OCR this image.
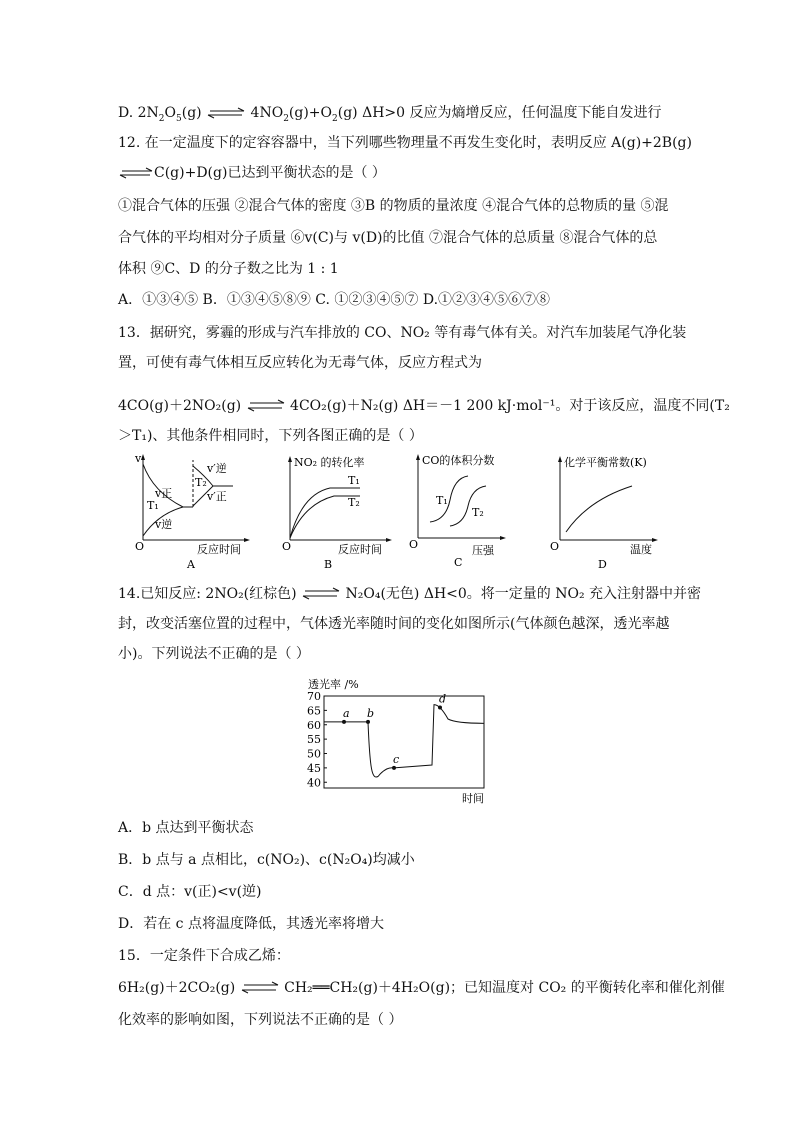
D. $2N_2O_5(g)$ ⇌ $4NO_2(g)+O_2(g)$ ΔH>0 反应为熵增反应，任何温度下能自发进行
12. 在一定温度下的定容容器中，当下列哪些物理量不再发生变化时，表明反应 A(g)+2B(g)
⇌C(g)+D(g)已达到平衡状态的是（ ）
①混合气体的压强 ②混合气体的密度 ③B 的物质的量浓度 ④混合气体的总物质的量 ⑤混
合气体的平均相对分子质量 ⑥v(C)与 v(D)的比值 ⑦混合气体的总质量 ⑧混合气体的总
体积 ⑨C、D 的分子数之比为 1 : 1
A．①③④⑤ B．①③④⑤⑧⑨ C. ①②③④⑤⑦ D.①②③④⑤⑥⑦⑧
13．据研究，雾霾的形成与汽车排放的 CO、NO₂ 等有毒气体有关。对汽车加装尾气净化装
置，可使有毒气体相互反应转化为无毒气体，反应方程式为
4CO(g)＋2NO₂(g) ⇌ 4CO₂(g)＋N₂(g) ΔH＝－1 200 kJ·mol⁻¹。对于该反应，温度不同(T₂
＞T₁)、其他条件相同时，下列各图正确的是（ ）
v
O
v正
T₁
v逆
v′逆
T₂
v′正
反应时间
A
NO₂ 的转化率
O
T₁
T₂
反应时间
B
CO的体积分数
O
T₁
T₂
压强
C
化学平衡常数(K)
O	温度
D
14.已知反应: 2NO₂(红棕色) ⇌ N₂O₄(无色) ΔH<0。将一定量的 NO₂ 充入注射器中并密
封，改变活塞位置的过程中，气体透光率随时间的变化如图所示(气体颜色越深，透光率越
小)。下列说法不正确的是（ ）
透光率 /%
40
45
50
55
60
65
70
a b
c
d
时间
A．b 点达到平衡状态
B．b 点与 a 点相比，c(NO₂)、c(N₂O₄)均减小
C．d 点：v(正)<v(逆)
D．若在 c 点将温度降低，其透光率将增大
15．一定条件下合成乙烯：
6H₂(g)＋2CO₂(g) ⇌ CH₂══CH₂(g)＋4H₂O(g)；已知温度对 CO₂ 的平衡转化率和催化剂催
化效率的影响如图，下列说法不正确的是（ ）
